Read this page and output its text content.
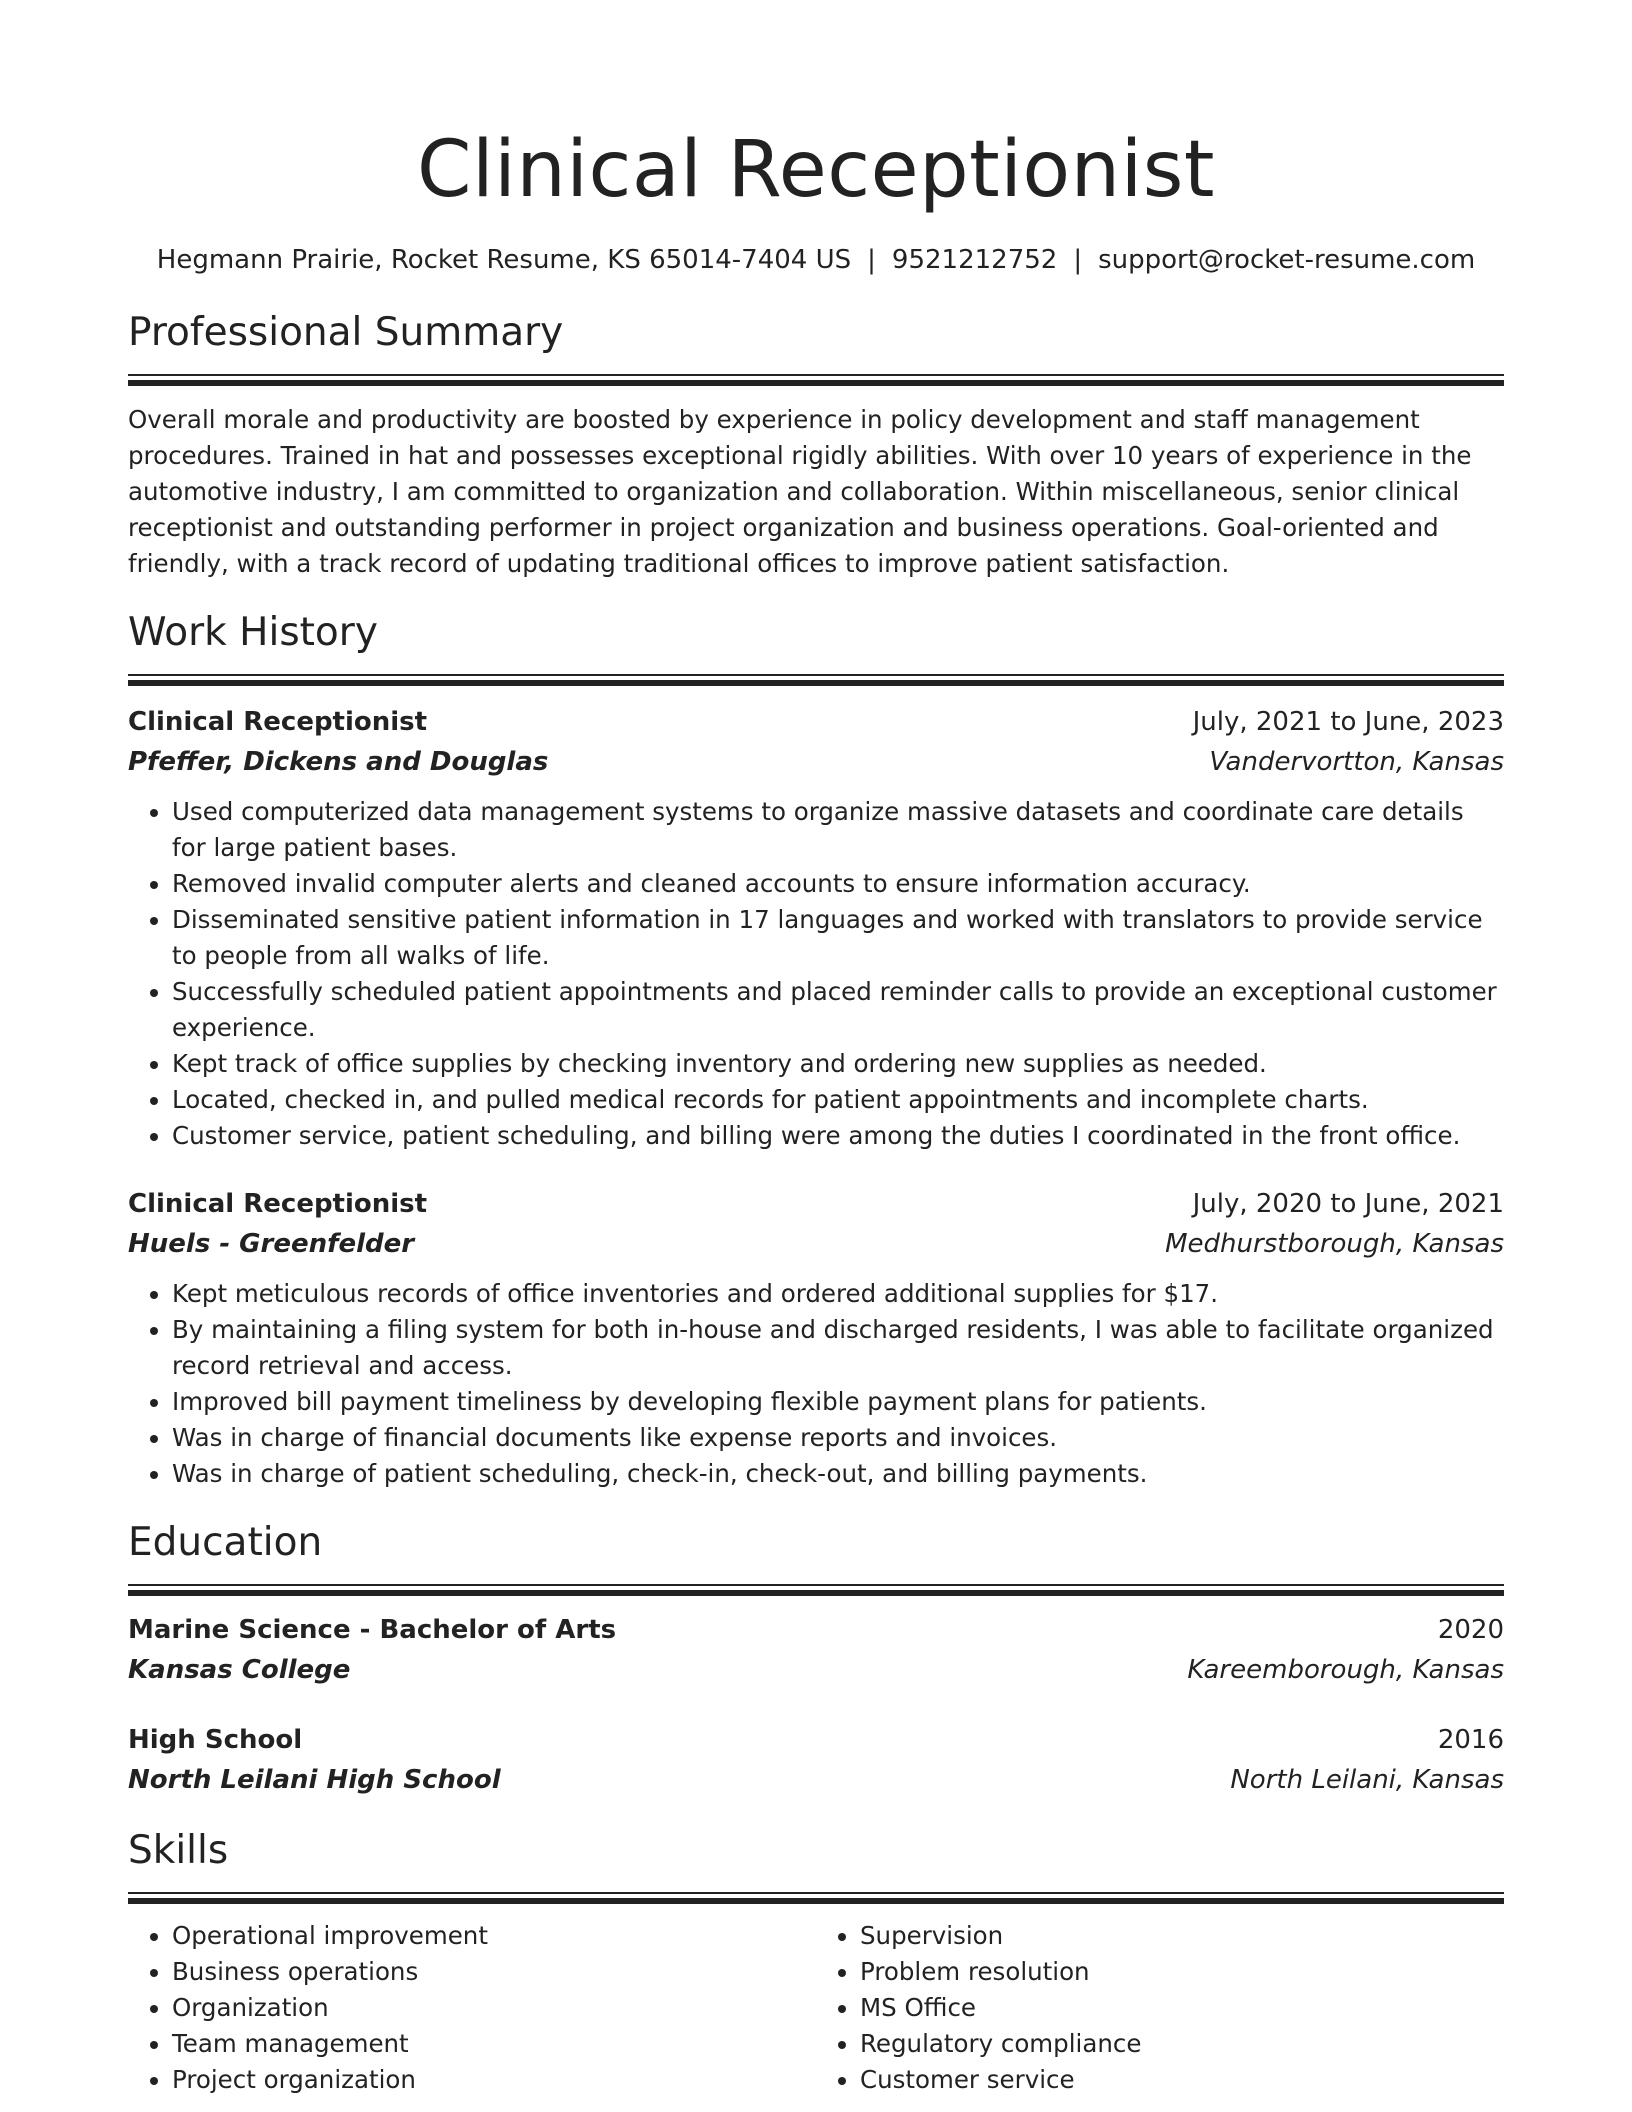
Clinical Receptionist
Hegmann Prairie, Rocket Resume, KS 65014-7404 US | 9521212752 | support@rocket-resume.com
Professional Summary
Overall morale and productivity are boosted by experience in policy development and staff management procedures. Trained in hat and possesses exceptional rigidly abilities. With over 10 years of experience in the automotive industry, I am committed to organization and collaboration. Within miscellaneous, senior clinical receptionist and outstanding performer in project organization and business operations. Goal-oriented and friendly, with a track record of updating traditional offices to improve patient satisfaction.
Work History
Clinical Receptionist	July, 2021 to June, 2023
Pfeffer, Dickens and Douglas	Vandervortton, Kansas
• Used computerized data management systems to organize massive datasets and coordinate care details for large patient bases.
• Removed invalid computer alerts and cleaned accounts to ensure information accuracy.
• Disseminated sensitive patient information in 17 languages and worked with translators to provide service to people from all walks of life.
• Successfully scheduled patient appointments and placed reminder calls to provide an exceptional customer experience.
• Kept track of office supplies by checking inventory and ordering new supplies as needed.
• Located, checked in, and pulled medical records for patient appointments and incomplete charts.
• Customer service, patient scheduling, and billing were among the duties I coordinated in the front office.
Clinical Receptionist	July, 2020 to June, 2021
Huels - Greenfelder	Medhurstborough, Kansas
• Kept meticulous records of office inventories and ordered additional supplies for $17.
• By maintaining a filing system for both in-house and discharged residents, I was able to facilitate organized record retrieval and access.
• Improved bill payment timeliness by developing flexible payment plans for patients.
• Was in charge of financial documents like expense reports and invoices.
• Was in charge of patient scheduling, check-in, check-out, and billing payments.
Education
Marine Science - Bachelor of Arts	2020
Kansas College	Kareemborough, Kansas
High School	2016
North Leilani High School	North Leilani, Kansas
Skills
• Operational improvement
• Business operations
• Organization
• Team management
• Project organization
• Supervision
• Problem resolution
• MS Office
• Regulatory compliance
• Customer service
